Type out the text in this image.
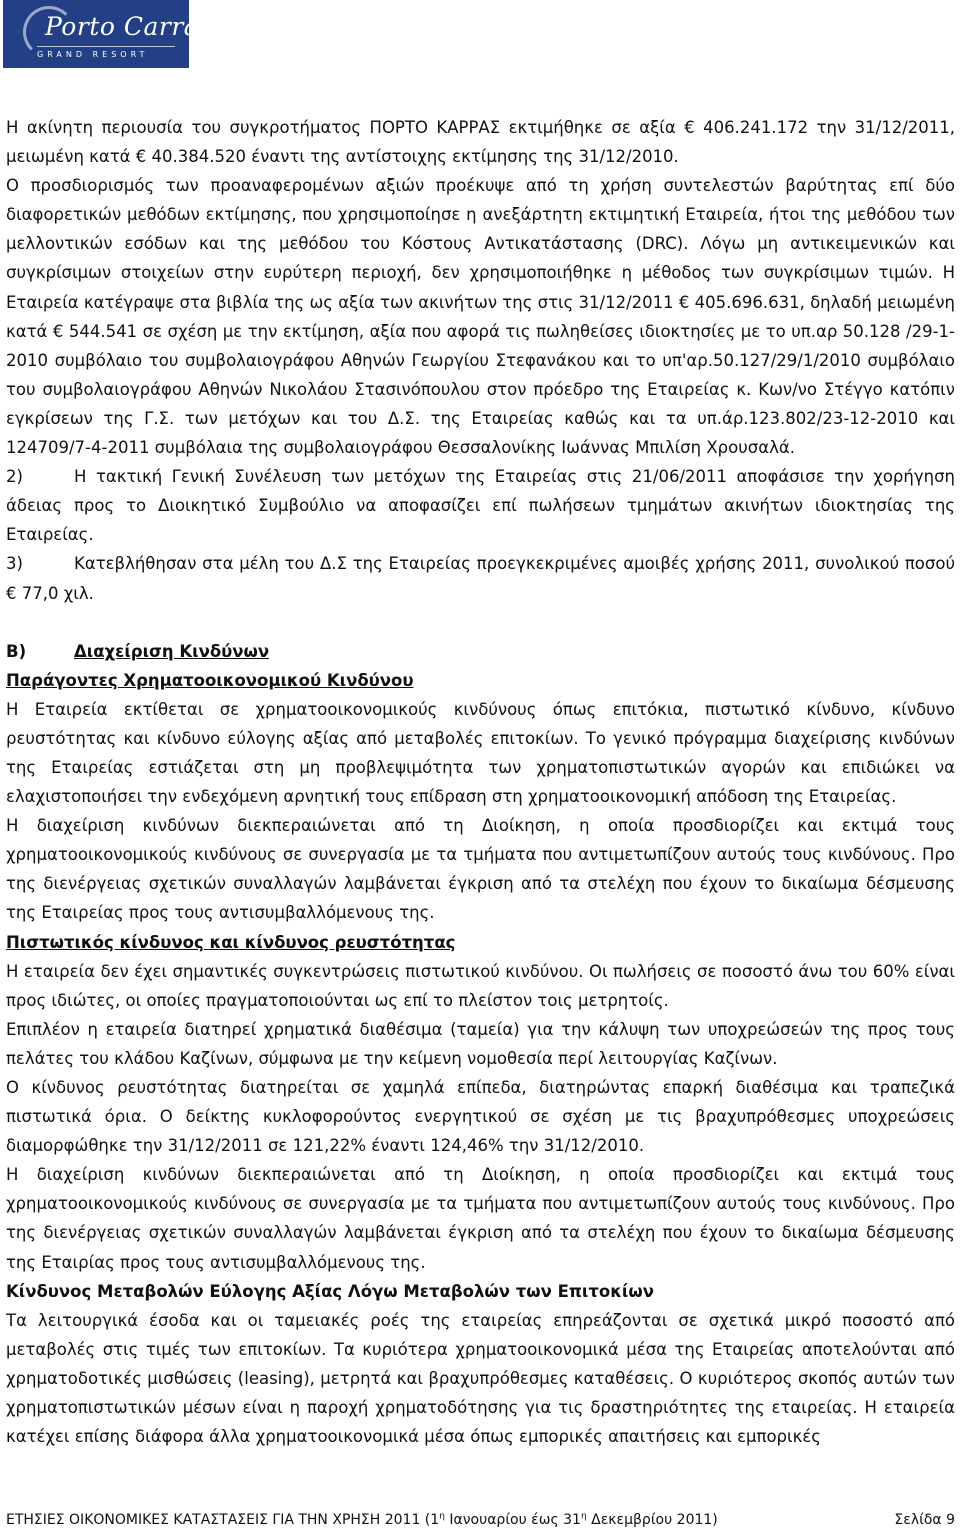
Porto Carras
GRAND RESORT

Η ακίνητη περιουσία του συγκροτήματος ΠΟΡΤΟ ΚΑΡΡΑΣ εκτιμήθηκε σε αξία € 406.241.172 την 31/12/2011, μειωμένη κατά € 40.384.520 έναντι της αντίστοιχης εκτίμησης της 31/12/2010.

Ο προσδιορισμός των προαναφερομένων αξιών προέκυψε από τη χρήση συντελεστών βαρύτητας επί δύο διαφορετικών μεθόδων εκτίμησης, που χρησιμοποίησε η ανεξάρτητη εκτιμητική Εταιρεία, ήτοι της μεθόδου των μελλοντικών εσόδων και της μεθόδου του Κόστους Αντικατάστασης (DRC). Λόγω μη αντικειμενικών και συγκρίσιμων στοιχείων στην ευρύτερη περιοχή, δεν χρησιμοποιήθηκε η μέθοδος των συγκρίσιμων τιμών. Η Εταιρεία κατέγραψε στα βιβλία της ως αξία των ακινήτων της στις 31/12/2011 € 405.696.631, δηλαδή μειωμένη κατά € 544.541 σε σχέση με την εκτίμηση, αξία που αφορά τις πωληθείσες ιδιοκτησίες με το υπ.αρ 50.128 /29-1-2010 συμβόλαιο του συμβολαιογράφου Αθηνών Γεωργίου Στεφανάκου και το υπ'αρ.50.127/29/1/2010 συμβόλαιο του συμβολαιογράφου Αθηνών Νικολάου Στασινόπουλου στον πρόεδρο της Εταιρείας κ. Κων/νο Στέγγο κατόπιν εγκρίσεων της Γ.Σ. των μετόχων και του Δ.Σ. της Εταιρείας καθώς και τα υπ.άρ.123.802/23-12-2010 και 124709/7-4-2011 συμβόλαια της συμβολαιογράφου Θεσσαλονίκης Ιωάννας Μπιλίση Χρουσαλά.

2)	Η τακτική Γενική Συνέλευση των μετόχων της Εταιρείας στις 21/06/2011 αποφάσισε την χορήγηση άδειας προς το Διοικητικό Συμβούλιο να αποφασίζει επί πωλήσεων τμημάτων ακινήτων ιδιοκτησίας της Εταιρείας.

3)	Κατεβλήθησαν στα μέλη του Δ.Σ της Εταιρείας προεγκεκριμένες αμοιβές χρήσης 2011, συνολικού ποσού € 77,0 χιλ.

Β)	Διαχείριση Κινδύνων
Παράγοντες Χρηματοοικονομικού Κινδύνου

Η Εταιρεία εκτίθεται σε χρηματοοικονομικούς κινδύνους όπως επιτόκια, πιστωτικό κίνδυνο, κίνδυνο ρευστότητας και κίνδυνο εύλογης αξίας από μεταβολές επιτοκίων. Το γενικό πρόγραμμα διαχείρισης κινδύνων της Εταιρείας εστιάζεται στη μη προβλεψιμότητα των χρηματοπιστωτικών αγορών και επιδιώκει να ελαχιστοποιήσει την ενδεχόμενη αρνητική τους επίδραση στη χρηματοοικονομική απόδοση της Εταιρείας.

Η διαχείριση κινδύνων διεκπεραιώνεται από τη Διοίκηση, η οποία προσδιορίζει και εκτιμά τους χρηματοοικονομικούς κινδύνους σε συνεργασία με τα τμήματα που αντιμετωπίζουν αυτούς τους κινδύνους. Προ της διενέργειας σχετικών συναλλαγών λαμβάνεται έγκριση από τα στελέχη που έχουν το δικαίωμα δέσμευσης της Εταιρείας προς τους αντισυμβαλλόμενους της.

Πιστωτικός κίνδυνος και κίνδυνος ρευστότητας

Η εταιρεία δεν έχει σημαντικές συγκεντρώσεις πιστωτικού κινδύνου. Οι πωλήσεις σε ποσοστό άνω του 60% είναι προς ιδιώτες, οι οποίες πραγματοποιούνται ως επί το πλείστον τοις μετρητοίς.

Επιπλέον η εταιρεία διατηρεί χρηματικά διαθέσιμα (ταμεία) για την κάλυψη των υποχρεώσεών της προς τους πελάτες του κλάδου Καζίνων, σύμφωνα με την κείμενη νομοθεσία περί λειτουργίας Καζίνων.

Ο κίνδυνος ρευστότητας διατηρείται σε χαμηλά επίπεδα, διατηρώντας επαρκή διαθέσιμα και τραπεζικά πιστωτικά όρια. Ο δείκτης κυκλοφορούντος ενεργητικού σε σχέση με τις βραχυπρόθεσμες υποχρεώσεις διαμορφώθηκε την 31/12/2011 σε 121,22% έναντι 124,46% την 31/12/2010.

Η διαχείριση κινδύνων διεκπεραιώνεται από τη Διοίκηση, η οποία προσδιορίζει και εκτιμά τους χρηματοοικονομικούς κινδύνους σε συνεργασία με τα τμήματα που αντιμετωπίζουν αυτούς τους κινδύνους. Προ της διενέργειας σχετικών συναλλαγών λαμβάνεται έγκριση από τα στελέχη που έχουν το δικαίωμα δέσμευσης της Εταιρίας προς τους αντισυμβαλλόμενους της.

Κίνδυνος Μεταβολών Εύλογης Αξίας Λόγω Μεταβολών των Επιτοκίων

Τα λειτουργικά έσοδα και οι ταμειακές ροές της εταιρείας επηρεάζονται σε σχετικά μικρό ποσοστό από μεταβολές στις τιμές των επιτοκίων. Τα κυριότερα χρηματοοικονομικά μέσα της Εταιρείας αποτελούνται από χρηματοδοτικές μισθώσεις (leasing), μετρητά και βραχυπρόθεσμες καταθέσεις. Ο κυριότερος σκοπός αυτών των χρηματοπιστωτικών μέσων είναι η παροχή χρηματοδότησης για τις δραστηριότητες της εταιρείας. Η εταιρεία κατέχει επίσης διάφορα άλλα χρηματοοικονομικά μέσα όπως εμπορικές απαιτήσεις και εμπορικές

ΕΤΗΣΙΕΣ ΟΙΚΟΝΟΜΙΚΕΣ ΚΑΤΑΣΤΑΣΕΙΣ ΓΙΑ ΤΗΝ ΧΡΗΣΗ 2011 ($1^\eta$ Ιανουαρίου έως $31^\eta$ Δεκεμβρίου 2011)	Σελίδα 9
